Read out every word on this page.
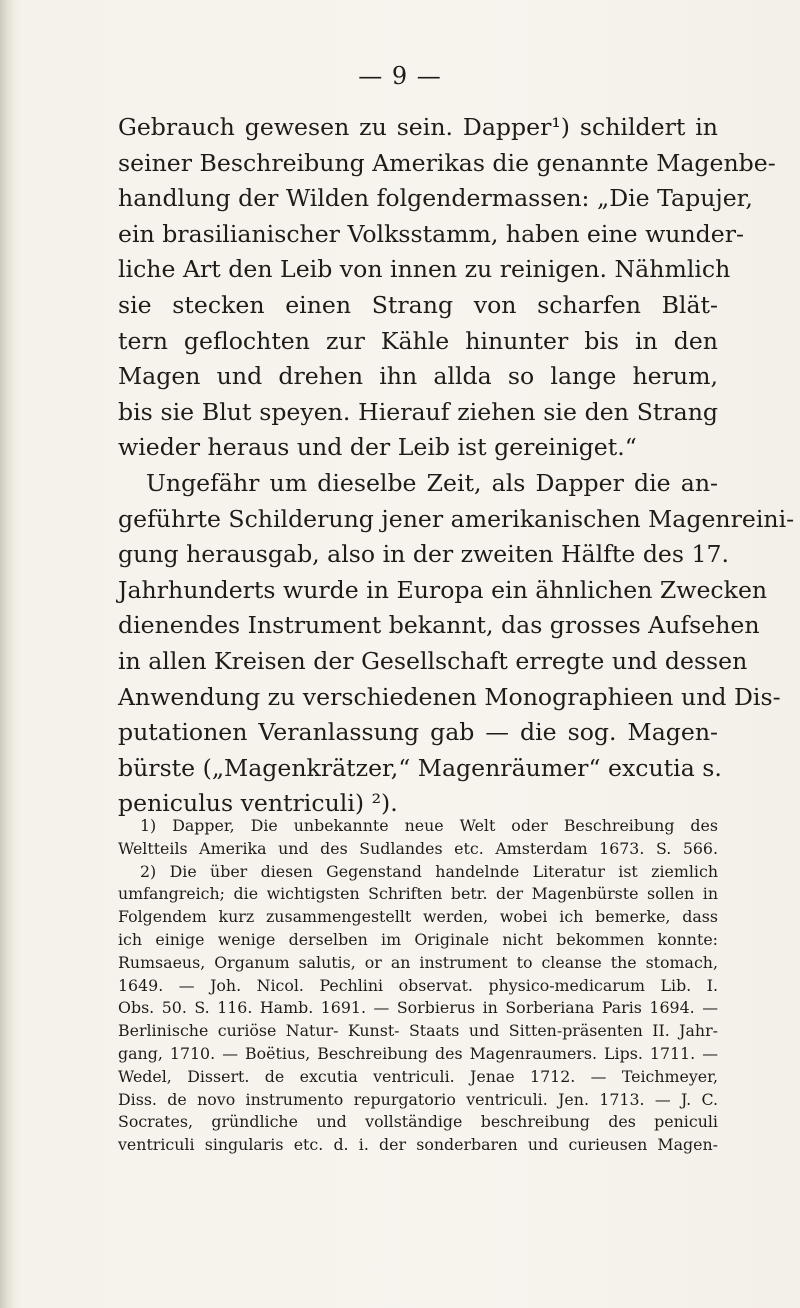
— 9 —
Gebrauch gewesen zu sein. Dapper¹) schildert in
seiner Beschreibung Amerikas die genannte Magenbe-
handlung der Wilden folgendermassen: „Die Tapujer,
ein brasilianischer Volksstamm, haben eine wunder-
liche Art den Leib von innen zu reinigen. Nähmlich
sie stecken einen Strang von scharfen Blät-
tern geflochten zur Kähle hinunter bis in den
Magen und drehen ihn allda so lange herum,
bis sie Blut speyen. Hierauf ziehen sie den Strang
wieder heraus und der Leib ist gereiniget.“
Ungefähr um dieselbe Zeit, als Dapper die an-
geführte Schilderung jener amerikanischen Magenreini-
gung herausgab, also in der zweiten Hälfte des 17.
Jahrhunderts wurde in Europa ein ähnlichen Zwecken
dienendes Instrument bekannt, das grosses Aufsehen
in allen Kreisen der Gesellschaft erregte und dessen
Anwendung zu verschiedenen Monographieen und Dis-
putationen Veranlassung gab — die sog. Magen-
bürste („Magenkrätzer,“ Magenräumer“ excutia s.
peniculus ventriculi) ²).
1) Dapper, Die unbekannte neue Welt oder Beschreibung des
Weltteils Amerika und des Sudlandes etc. Amsterdam 1673. S. 566.
2) Die über diesen Gegenstand handelnde Literatur ist ziemlich
umfangreich; die wichtigsten Schriften betr. der Magenbürste sollen in
Folgendem kurz zusammengestellt werden, wobei ich bemerke, dass
ich einige wenige derselben im Originale nicht bekommen konnte:
Rumsaeus, Organum salutis, or an instrument to cleanse the stomach,
1649. — Joh. Nicol. Pechlini observat. physico-medicarum Lib. I.
Obs. 50. S. 116. Hamb. 1691. — Sorbierus in Sorberiana Paris 1694. —
Berlinische curiöse Natur- Kunst- Staats und Sitten-präsenten II. Jahr-
gang, 1710. — Boëtius, Beschreibung des Magenraumers. Lips. 1711. —
Wedel, Dissert. de excutia ventriculi. Jenae 1712. — Teichmeyer,
Diss. de novo instrumento repurgatorio ventriculi. Jen. 1713. — J. C.
Socrates, gründliche und vollständige beschreibung des peniculi
ventriculi singularis etc. d. i. der sonderbaren und curieusen Magen-
